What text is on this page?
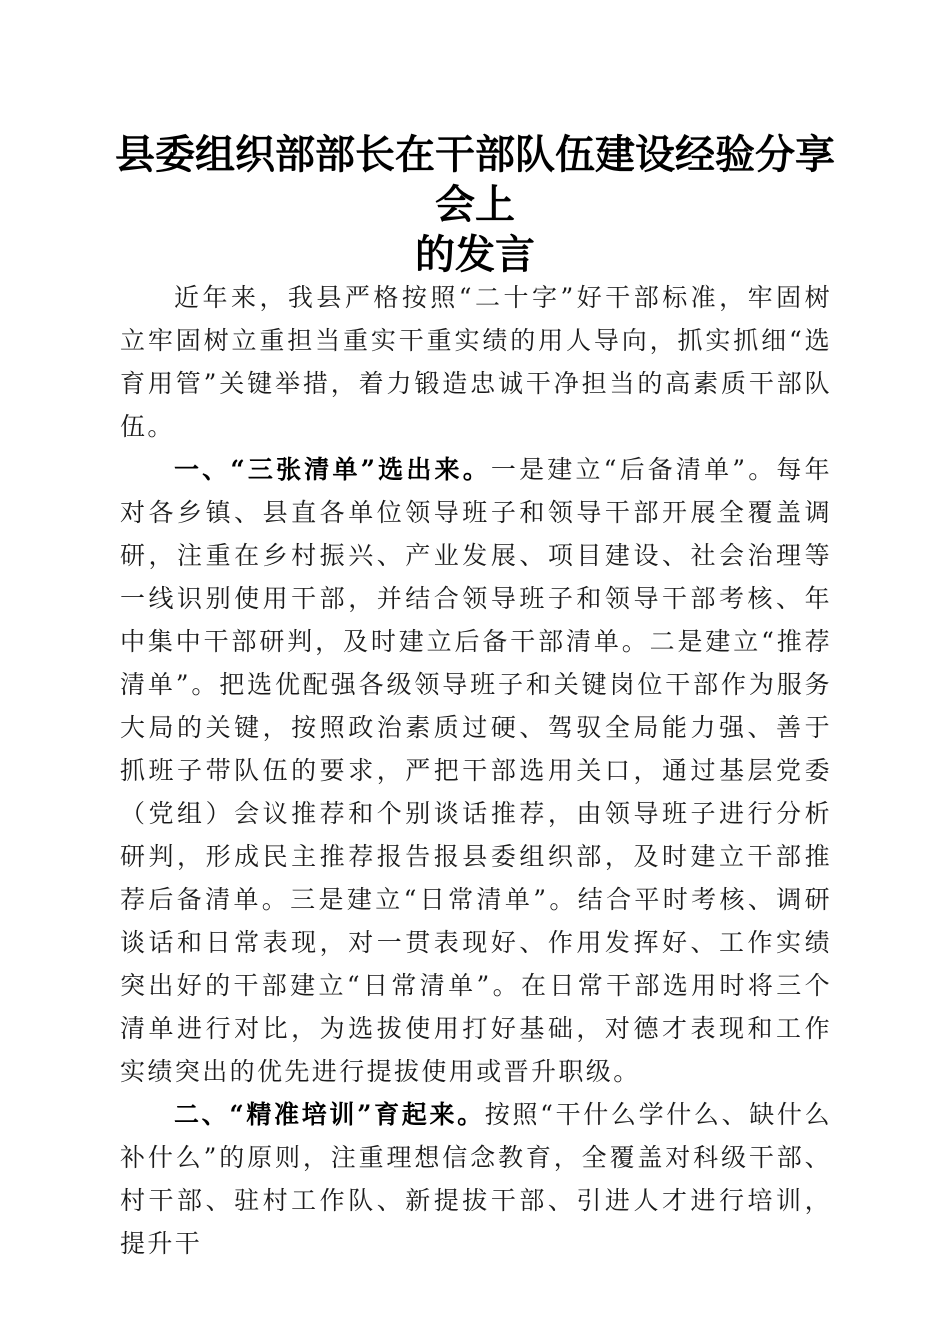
县委组织部部长在干部队伍建设经验分享会上
的发言

近年来，我县严格按照“二十字”好干部标准，牢固树立牢固树立重担当重实干重实绩的用人导向，抓实抓细“选育用管”关键举措，着力锻造忠诚干净担当的高素质干部队伍。

一、“三张清单”选出来。一是建立“后备清单”。每年对各乡镇、县直各单位领导班子和领导干部开展全覆盖调研，注重在乡村振兴、产业发展、项目建设、社会治理等一线识别使用干部，并结合领导班子和领导干部考核、年中集中干部研判，及时建立后备干部清单。二是建立“推荐清单”。把选优配强各级领导班子和关键岗位干部作为服务大局的关键，按照政治素质过硬、驾驭全局能力强、善于抓班子带队伍的要求，严把干部选用关口，通过基层党委（党组）会议推荐和个别谈话推荐，由领导班子进行分析研判，形成民主推荐报告报县委组织部，及时建立干部推荐后备清单。三是建立“日常清单”。结合平时考核、调研谈话和日常表现，对一贯表现好、作用发挥好、工作实绩突出好的干部建立“日常清单”。在日常干部选用时将三个清单进行对比，为选拔使用打好基础，对德才表现和工作实绩突出的优先进行提拔使用或晋升职级。

二、“精准培训”育起来。按照“干什么学什么、缺什么补什么”的原则，注重理想信念教育，全覆盖对科级干部、村干部、驻村工作队、新提拔干部、引进人才进行培训，提升干
